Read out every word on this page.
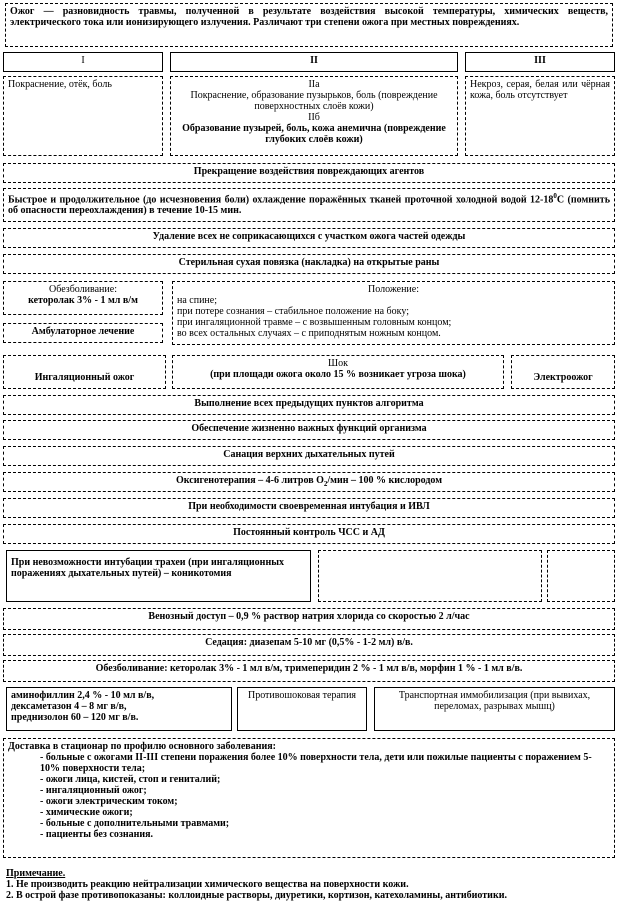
Ожог — разновидность травмы, полученной в результате воздействия высокой температуры, химических веществ, электрического тока или ионизирующего излучения. Различают три степени ожога при местных повреждениях.
I
Покраснение, отёк, боль
II
IIа
Покраснение, образование пузырьков, боль (повреждение поверхностных слоёв кожи)
IIб
Образование пузырей, боль, кожа анемична (повреждение глубоких слоёв кожи)
III
Некроз, серая, белая или чёрная кожа, боль отсутствует
Прекращение воздействия повреждающих агентов
Быстрое и продолжительное (до исчезновения боли) охлаждение поражённых тканей проточной холодной водой $12-18^0С$ (помнить об опасности переохлаждения) в течение 10-15 мин.
Удаление всех не соприкасающихся с участком ожога частей одежды
Стерильная сухая повязка (накладка) на открытые раны
Обезболивание:
кеторолак 3% - 1 мл в/м
Амбулаторное лечение
Положение:
на спине;
при потере сознания – стабильное положение на боку;
при ингаляционной травме – с возвышенным головным концом;
во всех остальных случаях – с приподнятым ножным концом.
Ингаляционный ожог
Шок
(при площади ожога около 15 % возникает угроза шока)	Электроожог
Выполнение всех предыдущих пунктов алгоритма
Обеспечение жизненно важных функций организма
Санация верхних дыхательных путей
Оксигенотерапия – 4-6 литров $O_2$/мин – 100 % кислородом
При необходимости своевременная интубация и ИВЛ
Постоянный контроль ЧСС и АД
При невозможности интубации трахеи (при ингаляционных поражениях дыхательных путей) – коникотомия
Венозный доступ – 0,9 % раствор натрия хлорида со скоростью 2 л/час
Седация: диазепам 5-10 мг (0,5% - 1-2 мл) в/в.
Обезболивание: кеторолак 3% - 1 мл в/м, тримеперидин 2 % - 1 мл в/в, морфин 1 % - 1 мл в/в.
аминофиллин 2,4 % - 10 мл в/в,
дексаметазон 4 – 8 мг в/в,
преднизолон 60 – 120 мг в/в.
Противошоковая терапия	Транспортная иммобилизация (при вывихах, переломах, разрывах мышц)
Доставка в стационар по профилю основного заболевания:
- больные с ожогами II-III степени поражения более 10% поверхности тела, дети или пожилые пациенты с поражением 5-10% поверхности тела;
- ожоги лица, кистей, стоп и гениталий;
- ингаляционный ожог;
- ожоги электрическим током;
- химические ожоги;
- больные с дополнительными травмами;
- пациенты без сознания.
Примечание.
1. Не производить реакцию нейтрализации химического вещества на поверхности кожи.
2. В острой фазе противопоказаны: коллоидные растворы, диуретики, кортизон, катехоламины, антибиотики.
